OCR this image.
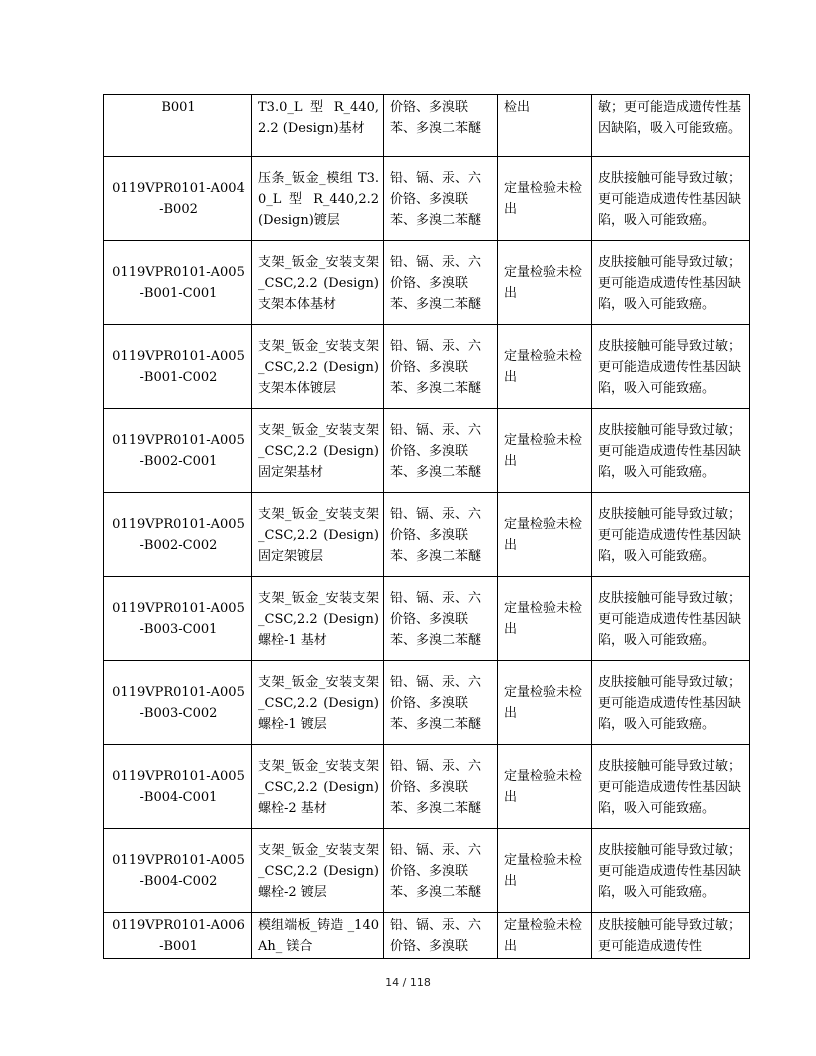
B001	T3.0_L 型 R_440,2.2 (Design)基材	价铬、多溴联苯、多溴二苯醚	检出	敏；更可能造成遗传性基因缺陷，吸入可能致癌。
0119VPR0101-A004-B002	压条_钣金_模组 T3.0_L 型 R_440,2.2 (Design)镀层	铅、镉、汞、六价铬、多溴联苯、多溴二苯醚	定量检验未检出	皮肤接触可能导致过敏；更可能造成遗传性基因缺陷，吸入可能致癌。
0119VPR0101-A005-B001-C001	支架_钣金_安装支架 _CSC,2.2 (Design)支架本体基材	铅、镉、汞、六价铬、多溴联苯、多溴二苯醚	定量检验未检出	皮肤接触可能导致过敏；更可能造成遗传性基因缺陷，吸入可能致癌。
0119VPR0101-A005-B001-C002	支架_钣金_安装支架 _CSC,2.2 (Design)支架本体镀层	铅、镉、汞、六价铬、多溴联苯、多溴二苯醚	定量检验未检出	皮肤接触可能导致过敏；更可能造成遗传性基因缺陷，吸入可能致癌。
0119VPR0101-A005-B002-C001	支架_钣金_安装支架 _CSC,2.2 (Design)固定架基材	铅、镉、汞、六价铬、多溴联苯、多溴二苯醚	定量检验未检出	皮肤接触可能导致过敏；更可能造成遗传性基因缺陷，吸入可能致癌。
0119VPR0101-A005-B002-C002	支架_钣金_安装支架 _CSC,2.2 (Design)固定架镀层	铅、镉、汞、六价铬、多溴联苯、多溴二苯醚	定量检验未检出	皮肤接触可能导致过敏；更可能造成遗传性基因缺陷，吸入可能致癌。
0119VPR0101-A005-B003-C001	支架_钣金_安装支架 _CSC,2.2 (Design)螺栓-1 基材	铅、镉、汞、六价铬、多溴联苯、多溴二苯醚	定量检验未检出	皮肤接触可能导致过敏；更可能造成遗传性基因缺陷，吸入可能致癌。
0119VPR0101-A005-B003-C002	支架_钣金_安装支架 _CSC,2.2 (Design)螺栓-1 镀层	铅、镉、汞、六价铬、多溴联苯、多溴二苯醚	定量检验未检出	皮肤接触可能导致过敏；更可能造成遗传性基因缺陷，吸入可能致癌。
0119VPR0101-A005-B004-C001	支架_钣金_安装支架 _CSC,2.2 (Design)螺栓-2 基材	铅、镉、汞、六价铬、多溴联苯、多溴二苯醚	定量检验未检出	皮肤接触可能导致过敏；更可能造成遗传性基因缺陷，吸入可能致癌。
0119VPR0101-A005-B004-C002	支架_钣金_安装支架 _CSC,2.2 (Design)螺栓-2 镀层	铅、镉、汞、六价铬、多溴联苯、多溴二苯醚	定量检验未检出	皮肤接触可能导致过敏；更可能造成遗传性基因缺陷，吸入可能致癌。
0119VPR0101-A006-B001	模组端板_铸造 _140Ah_ 镁合	铅、镉、汞、六价铬、多溴联	定量检验未检出	皮肤接触可能导致过敏；更可能造成遗传性
14 / 118
